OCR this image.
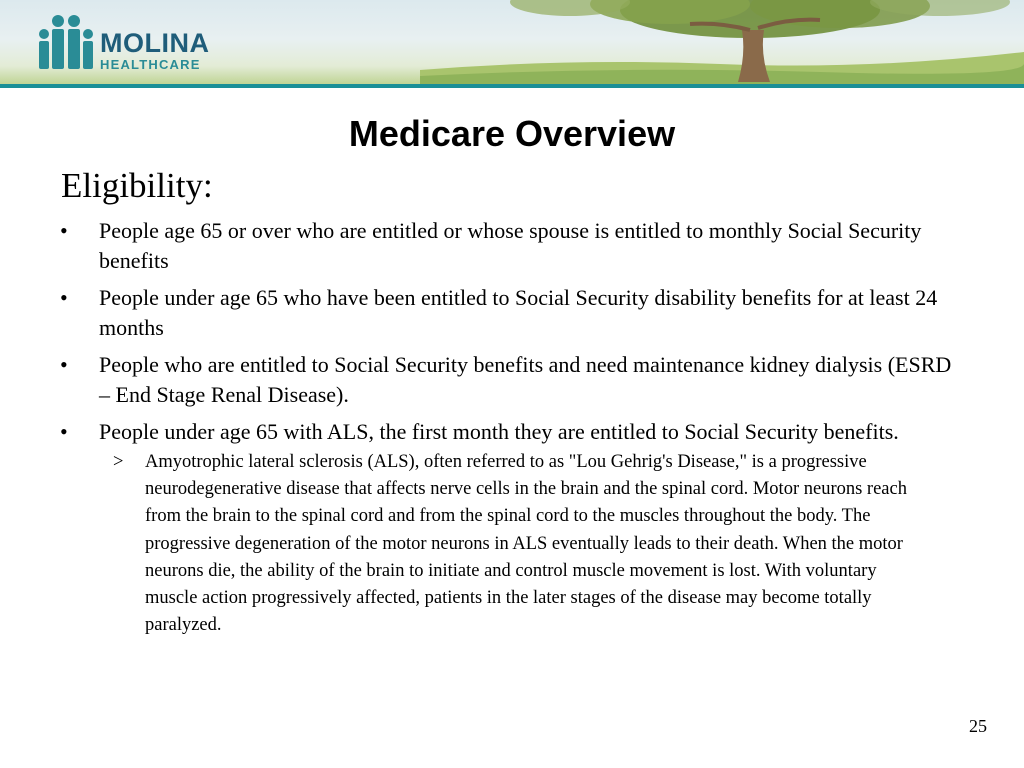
MOLINA
HEALTHCARE
Medicare Overview
Eligibility:
• People age 65 or over who are entitled or whose spouse is entitled to monthly Social Security benefits
• People under age 65 who have been entitled to Social Security disability benefits for at least 24 months
• People who are entitled to Social Security benefits and need maintenance kidney dialysis (ESRD – End Stage Renal Disease).
• People under age 65 with ALS, the first month they are entitled to Social Security benefits.
> Amyotrophic lateral sclerosis (ALS), often referred to as "Lou Gehrig's Disease," is a progressive neurodegenerative disease that affects nerve cells in the brain and the spinal cord. Motor neurons reach from the brain to the spinal cord and from the spinal cord to the muscles throughout the body. The progressive degeneration of the motor neurons in ALS eventually leads to their death. When the motor neurons die, the ability of the brain to initiate and control muscle movement is lost. With voluntary muscle action progressively affected, patients in the later stages of the disease may become totally paralyzed.
25
